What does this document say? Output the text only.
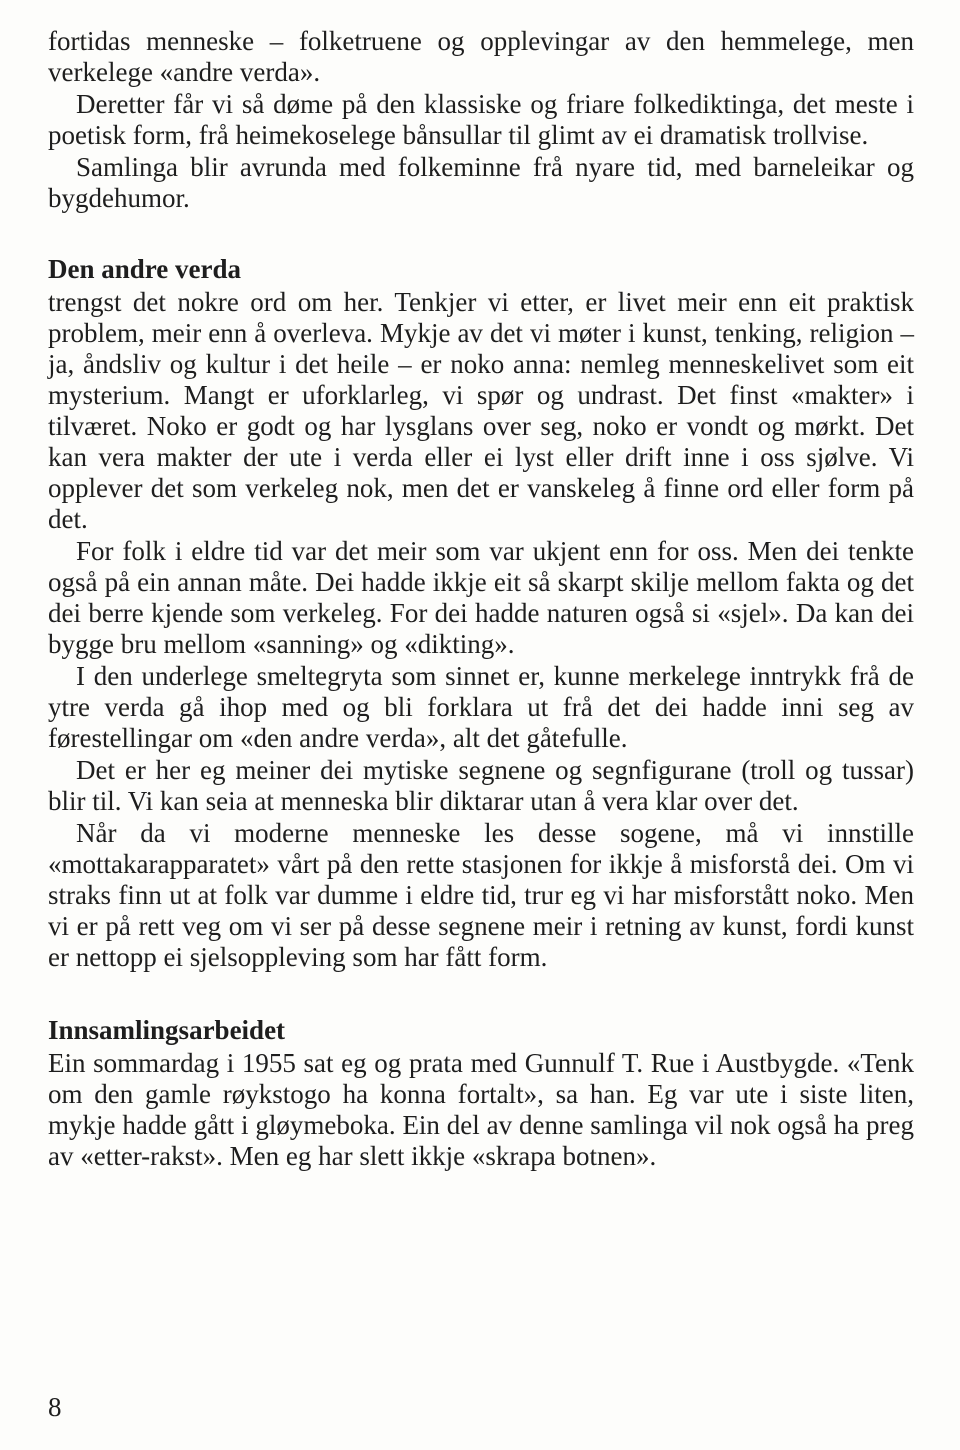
fortidas menneske – folketruene og opplevingar av den hemmelege, men verkelege «andre verda».

Deretter får vi så døme på den klassiske og friare folkediktinga, det meste i poetisk form, frå heimekoselege bånsullar til glimt av ei dramatisk trollvise.

Samlinga blir avrunda med folkeminne frå nyare tid, med barneleikar og bygdehumor.

Den andre verda

trengst det nokre ord om her. Tenkjer vi etter, er livet meir enn eit praktisk problem, meir enn å overleva. Mykje av det vi møter i kunst, tenking, religion – ja, åndsliv og kultur i det heile – er noko anna: nemleg menneskelivet som eit mysterium. Mangt er uforklarleg, vi spør og undrast. Det finst «makter» i tilværet. Noko er godt og har lysglans over seg, noko er vondt og mørkt. Det kan vera makter der ute i verda eller ei lyst eller drift inne i oss sjølve. Vi opplever det som verkeleg nok, men det er vanskeleg å finne ord eller form på det.

For folk i eldre tid var det meir som var ukjent enn for oss. Men dei tenkte også på ein annan måte. Dei hadde ikkje eit så skarpt skilje mellom fakta og det dei berre kjende som verkeleg. For dei hadde naturen også si «sjel». Da kan dei bygge bru mellom «sanning» og «dikting».

I den underlege smeltegryta som sinnet er, kunne merkelege inntrykk frå de ytre verda gå ihop med og bli forklara ut frå det dei hadde inni seg av førestellingar om «den andre verda», alt det gåtefulle.

Det er her eg meiner dei mytiske segnene og segnfigurane (troll og tussar) blir til. Vi kan seia at menneska blir diktarar utan å vera klar over det.

Når da vi moderne menneske les desse sogene, må vi innstille «mottakarapparatet» vårt på den rette stasjonen for ikkje å misforstå dei. Om vi straks finn ut at folk var dumme i eldre tid, trur eg vi har misforstått noko. Men vi er på rett veg om vi ser på desse segnene meir i retning av kunst, fordi kunst er nettopp ei sjelsoppleving som har fått form.

Innsamlingsarbeidet

Ein sommardag i 1955 sat eg og prata med Gunnulf T. Rue i Austbygde. «Tenk om den gamle røykstogo ha konna fortalt», sa han. Eg var ute i siste liten, mykje hadde gått i gløymeboka. Ein del av denne samlinga vil nok også ha preg av «etter-rakst». Men eg har slett ikkje «skrapa botnen».

8
